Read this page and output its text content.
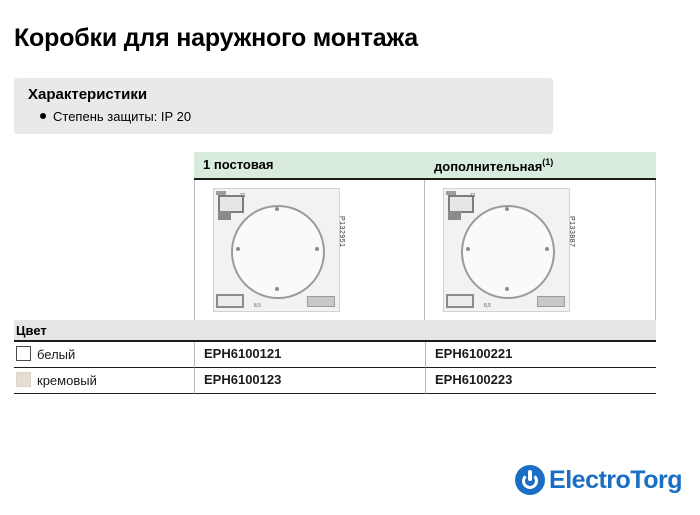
Коробки для наружного монтажа
Характеристики
Степень защиты: IP 20
1 постовая	дополнительная$^{(1)}$
71
8,5
P132951
71
8,5
P133887
Цвет
белый	EPH6100121	EPH6100221
кремовый	EPH6100123	EPH6100223
ElectroTorg
